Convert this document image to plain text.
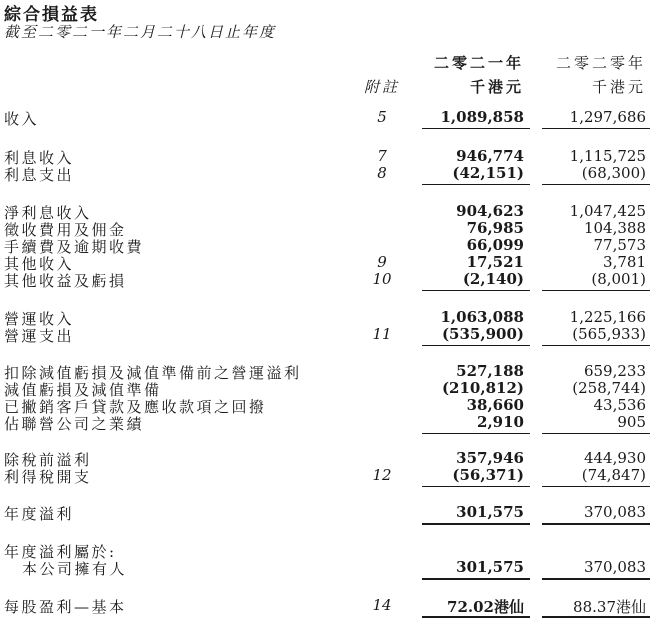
綜合損益表
截至二零二一年二月二十八日止年度
二零二一年
千港元
二零二零年
千港元
附註
收入	5	1,089,858	1,297,686
利息收入	7	946,774	1,115,725
利息支出	8	(42,151)	(68,300)
淨利息收入	904,623	1,047,425
徵收費用及佣金	76,985	104,388
手續費及逾期收費	66,099	77,573
其他收入	9	17,521	3,781
其他收益及虧損	10	(2,140)	(8,001)
營運收入	1,063,088	1,225,166
營運支出	11	(535,900)	(565,933)
扣除減值虧損及減值準備前之營運溢利	527,188	659,233
減值虧損及減值準備	(210,812)	(258,744)
已撇銷客戶貸款及應收款項之回撥	38,660	43,536
佔聯營公司之業績	2,910	905
除稅前溢利	357,946	444,930
利得稅開支	12	(56,371)	(74,847)
年度溢利	301,575	370,083
年度溢利屬於:
本公司擁有人	301,575	370,083
每股盈利—基本	14	72.02港仙	88.37港仙
